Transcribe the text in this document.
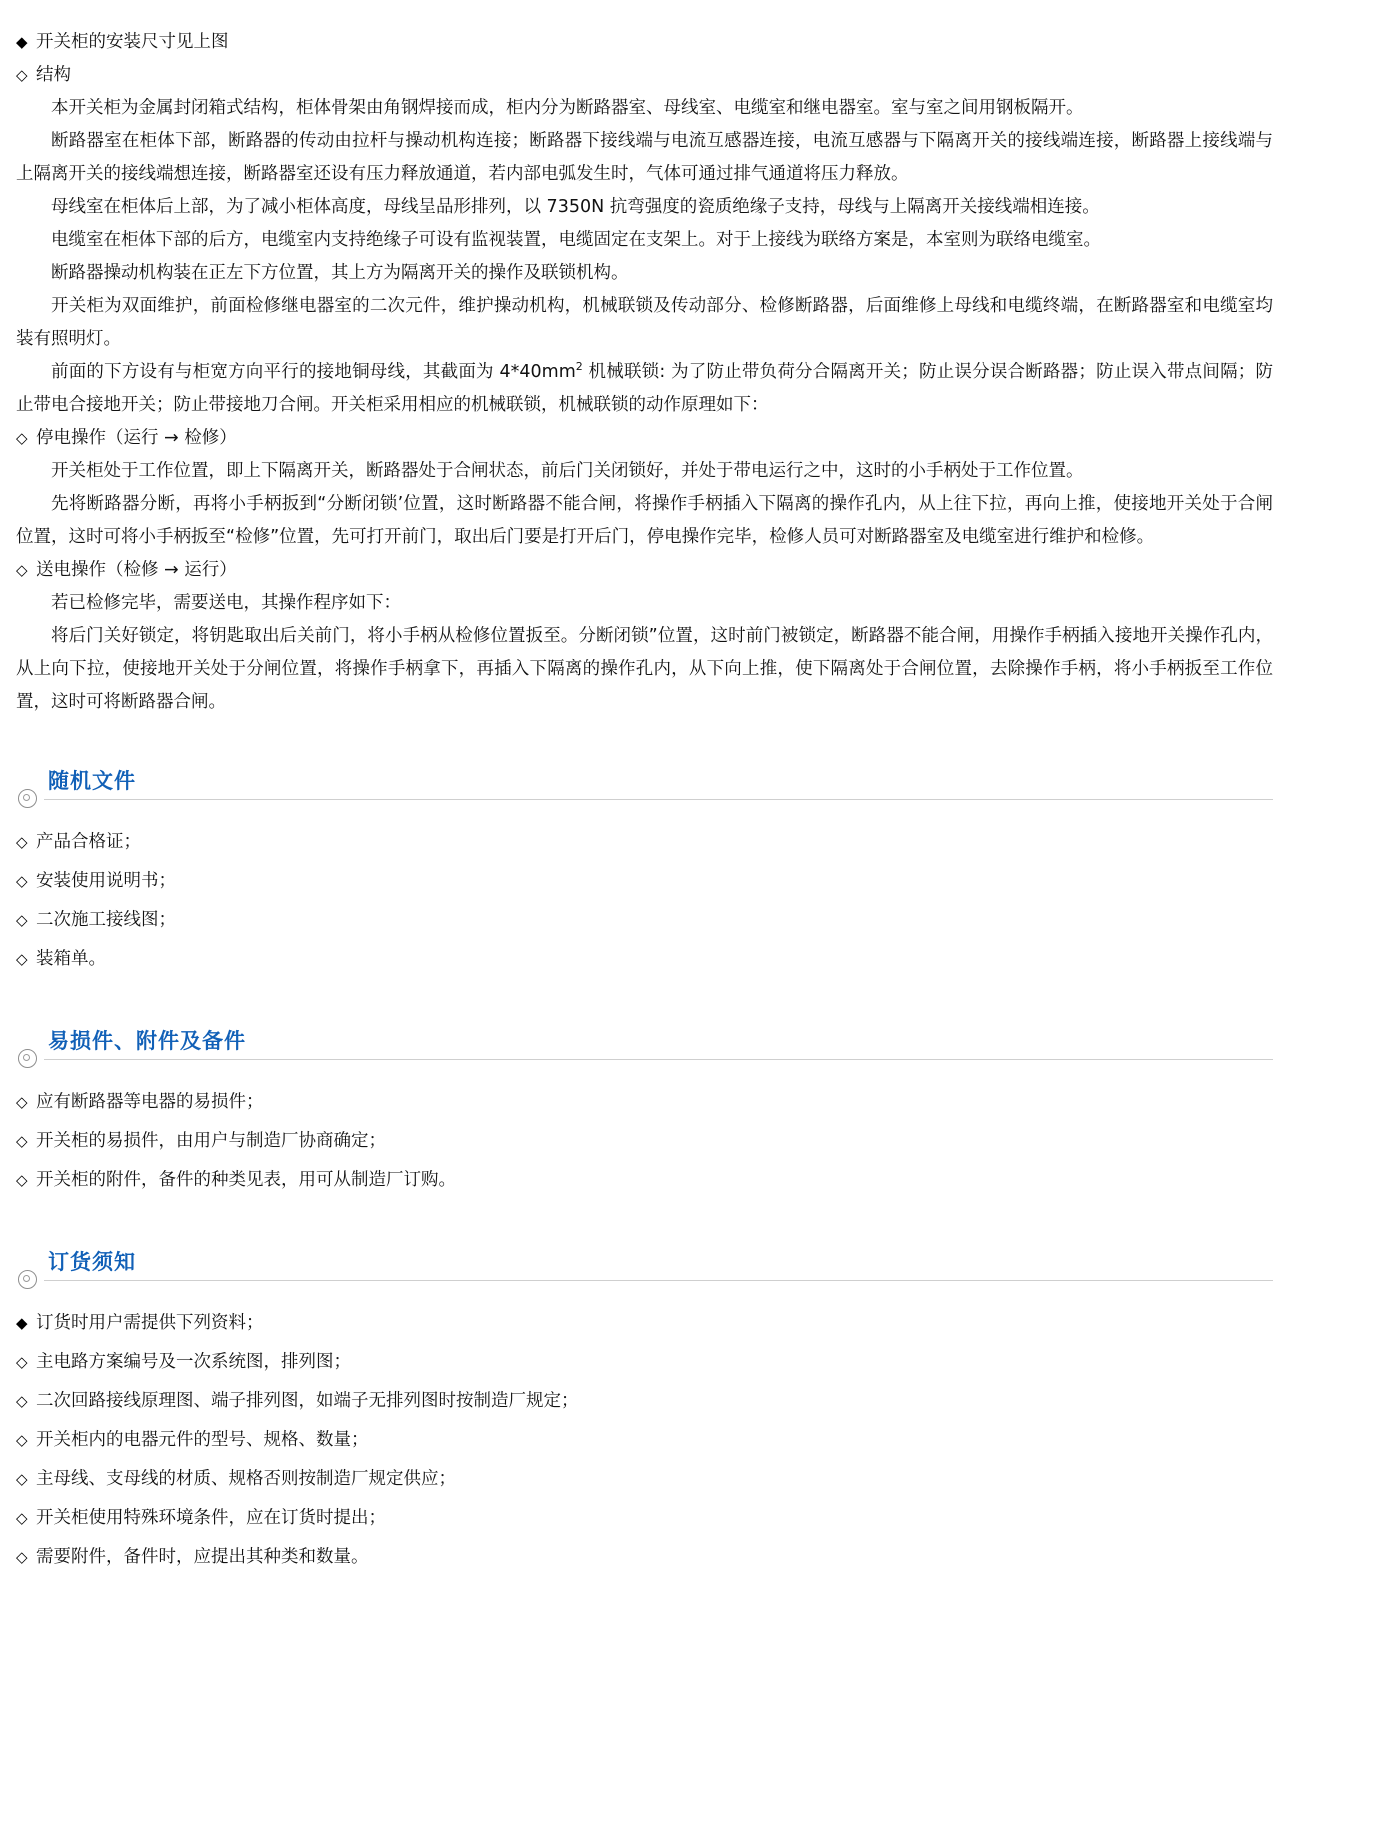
◆ 开关柜的安装尺寸见上图
◇ 结构

本开关柜为金属封闭箱式结构，柜体骨架由角钢焊接而成，柜内分为断路器室、母线室、电缆室和继电器室。室与室之间用钢板隔开。

断路器室在柜体下部，断路器的传动由拉杆与操动机构连接；断路器下接线端与电流互感器连接，电流互感器与下隔离开关的接线端连接，断路器上接线端与上隔离开关的接线端想连接，断路器室还设有压力释放通道，若内部电弧发生时，气体可通过排气通道将压力释放。

母线室在柜体后上部，为了减小柜体高度，母线呈品形排列，以 7350N 抗弯强度的瓷质绝缘子支持，母线与上隔离开关接线端相连接。

电缆室在柜体下部的后方，电缆室内支持绝缘子可设有监视装置，电缆固定在支架上。对于上接线为联络方案是，本室则为联络电缆室。

断路器操动机构装在正左下方位置，其上方为隔离开关的操作及联锁机构。

开关柜为双面维护，前面检修继电器室的二次元件，维护操动机构，机械联锁及传动部分、检修断路器，后面维修上母线和电缆终端，在断路器室和电缆室均装有照明灯。

前面的下方设有与柜宽方向平行的接地铜母线，其截面为 $4*40mm^2$ 机械联锁: 为了防止带负荷分合隔离开关；防止误分误合断路器；防止误入带点间隔；防止带电合接地开关；防止带接地刀合闸。开关柜采用相应的机械联锁，机械联锁的动作原理如下：

◇ 停电操作（运行 → 检修）

开关柜处于工作位置，即上下隔离开关，断路器处于合闸状态，前后门关闭锁好，并处于带电运行之中，这时的小手柄处于工作位置。

先将断路器分断，再将小手柄扳到“分断闭锁’位置，这时断路器不能合闸，将操作手柄插入下隔离的操作孔内，从上往下拉，再向上推，使接地开关处于合闸位置，这时可将小手柄扳至“检修”位置，先可打开前门，取出后门要是打开后门，停电操作完毕，检修人员可对断路器室及电缆室进行维护和检修。

◇ 送电操作（检修 → 运行）

若已检修完毕，需要送电，其操作程序如下：

将后门关好锁定，将钥匙取出后关前门，将小手柄从检修位置扳至。分断闭锁”位置，这时前门被锁定，断路器不能合闸，用操作手柄插入接地开关操作孔内，从上向下拉，使接地开关处于分闸位置，将操作手柄拿下，再插入下隔离的操作孔内，从下向上推，使下隔离处于合闸位置，去除操作手柄，将小手柄扳至工作位置，这时可将断路器合闸。

随机文件
◇ 产品合格证；
◇ 安装使用说明书；
◇ 二次施工接线图；
◇ 装箱单。
易损件、附件及备件
◇ 应有断路器等电器的易损件；
◇ 开关柜的易损件，由用户与制造厂协商确定；
◇ 开关柜的附件，备件的种类见表，用可从制造厂订购。
订货须知
◆ 订货时用户需提供下列资料；
◇ 主电路方案编号及一次系统图，排列图；
◇ 二次回路接线原理图、端子排列图，如端子无排列图时按制造厂规定；
◇ 开关柜内的电器元件的型号、规格、数量；
◇ 主母线、支母线的材质、规格否则按制造厂规定供应；
◇ 开关柜使用特殊环境条件，应在订货时提出；
◇ 需要附件，备件时，应提出其种类和数量。
